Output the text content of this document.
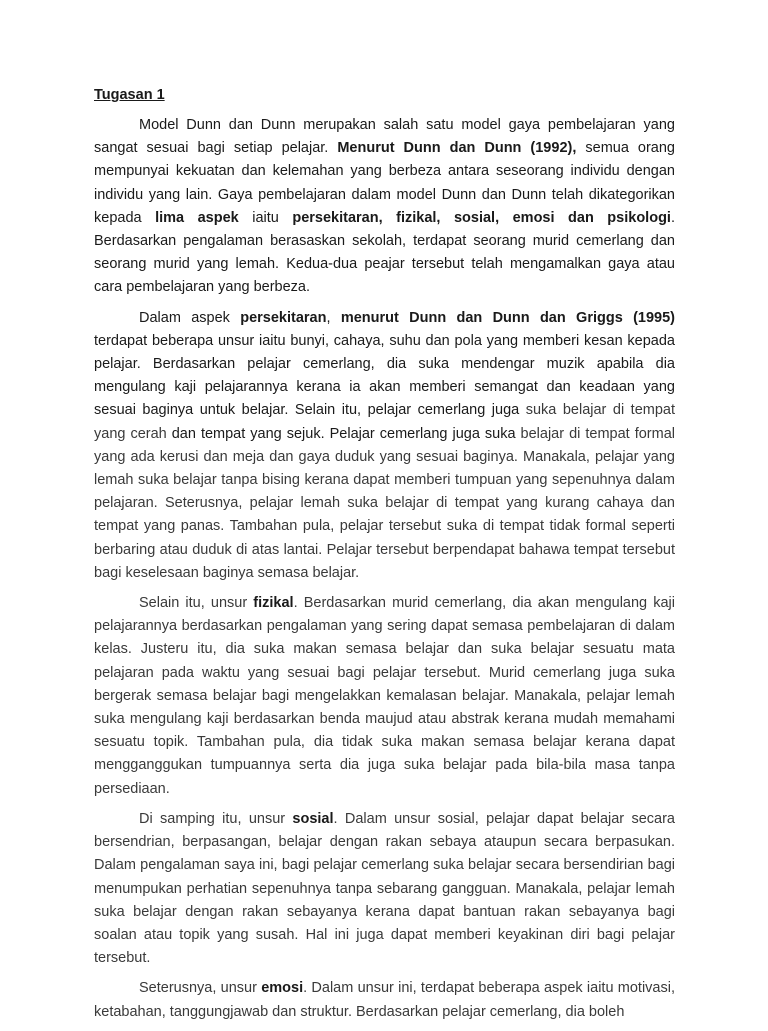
Tugasan 1

Model Dunn dan Dunn merupakan salah satu model gaya pembelajaran yang sangat sesuai bagi setiap pelajar. Menurut Dunn dan Dunn (1992), semua orang mempunyai kekuatan dan kelemahan yang berbeza antara seseorang individu dengan individu yang lain. Gaya pembelajaran dalam model Dunn dan Dunn telah dikategorikan kepada lima aspek iaitu persekitaran, fizikal, sosial, emosi dan psikologi. Berdasarkan pengalaman berasaskan sekolah, terdapat seorang murid cemerlang dan seorang murid yang lemah. Kedua-dua peajar tersebut telah mengamalkan gaya atau cara pembelajaran yang berbeza.

Dalam aspek persekitaran, menurut Dunn dan Dunn dan Griggs (1995) terdapat beberapa unsur iaitu bunyi, cahaya, suhu dan pola yang memberi kesan kepada pelajar. Berdasarkan pelajar cemerlang, dia suka mendengar muzik apabila dia mengulang kaji pelajarannya kerana ia akan memberi semangat dan keadaan yang sesuai baginya untuk belajar. Selain itu, pelajar cemerlang juga suka belajar di tempat yang cerah dan tempat yang sejuk. Pelajar cemerlang juga suka belajar di tempat formal yang ada kerusi dan meja dan gaya duduk yang sesuai baginya. Manakala, pelajar yang lemah suka belajar tanpa bising kerana dapat memberi tumpuan yang sepenuhnya dalam pelajaran. Seterusnya, pelajar lemah suka belajar di tempat yang kurang cahaya dan tempat yang panas. Tambahan pula, pelajar tersebut suka di tempat tidak formal seperti berbaring atau duduk di atas lantai. Pelajar tersebut berpendapat bahawa tempat tersebut bagi keselesaan baginya semasa belajar.

Selain itu, unsur fizikal. Berdasarkan murid cemerlang, dia akan mengulang kaji pelajarannya berdasarkan pengalaman yang sering dapat semasa pembelajaran di dalam kelas. Justeru itu, dia suka makan semasa belajar dan suka belajar sesuatu mata pelajaran pada waktu yang sesuai bagi pelajar tersebut. Murid cemerlang juga suka bergerak semasa belajar bagi mengelakkan kemalasan belajar. Manakala, pelajar lemah suka mengulang kaji berdasarkan benda maujud atau abstrak kerana mudah memahami sesuatu topik. Tambahan pula, dia tidak suka makan semasa belajar kerana dapat mengganggukan tumpuannya serta dia juga suka belajar pada bila-bila masa tanpa persediaan.

Di samping itu, unsur sosial. Dalam unsur sosial, pelajar dapat belajar secara bersendrian, berpasangan, belajar dengan rakan sebaya ataupun secara berpasukan. Dalam pengalaman saya ini, bagi pelajar cemerlang suka belajar secara bersendirian bagi menumpukan perhatian sepenuhnya tanpa sebarang gangguan. Manakala, pelajar lemah suka belajar dengan rakan sebayanya kerana dapat bantuan rakan sebayanya bagi soalan atau topik yang susah. Hal ini juga dapat memberi keyakinan diri bagi pelajar tersebut.

Seterusnya, unsur emosi. Dalam unsur ini, terdapat beberapa aspek iaitu motivasi, ketabahan, tanggungjawab dan struktur. Berdasarkan pelajar cemerlang, dia boleh
